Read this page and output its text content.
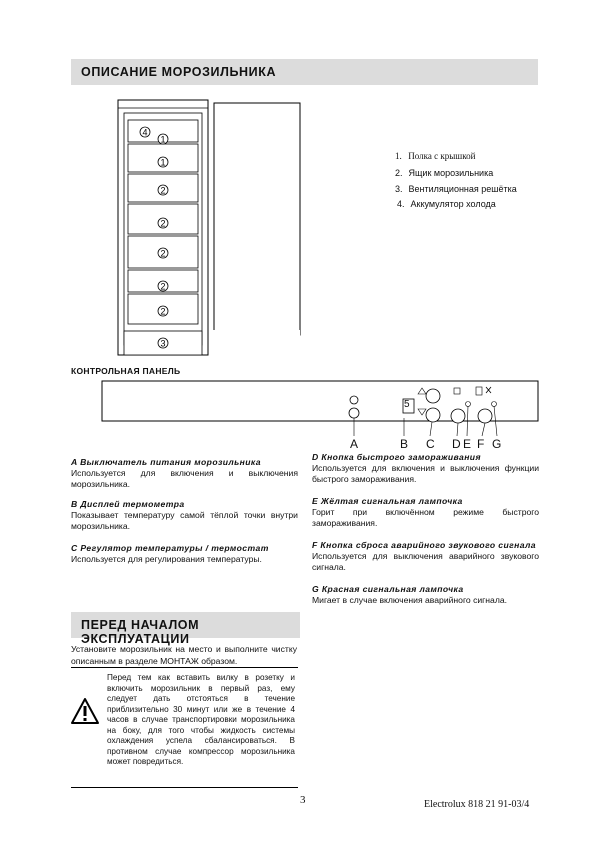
ОПИСАНИЕ МОРОЗИЛЬНИКА
4
1
1
2
2
2
2
2
3
1. Полка с крышкой
2. Ящик морозильника
3. Вентиляционная решётка
4. Аккумулятор холода
КОНТРОЛЬНАЯ ПАНЕЛЬ
5
A	B C D E F G
A Выключатель питания морозильника
Используется для включения и выключения морозильника.
B Дисплей термометра
Показывает температуру самой тёплой точки внутри морозильника.
C Регулятор температуры / термостат
Используется для регулирования температуры.
D Кнопка быстрого замораживания
Используется для включения и выключения функции быстрого замораживания.
E Жёлтая сигнальная лампочка
Горит при включённом режиме быстрого замораживания.
F Кнопка сброса аварийного звукового сигнала
Используется для выключения аварийного звукового сигнала.
G Красная сигнальная лампочка
Мигает в случае включения аварийного сигнала.
ПЕРЕД НАЧАЛОМ ЭКСПЛУАТАЦИИ
Установите морозильник на место и выполните чистку описанным в разделе МОНТАЖ образом.
Перед тем как вставить вилку в розетку и включить морозильник в первый раз, ему следует дать отстояться в течение приблизительно 30 минут или же в течение 4 часов в случае транспортировки морозильника на боку, для того чтобы жидкость системы охлаждения успела сбалансироваться. В противном случае компрессор морозильника может повредиться.
3	Electrolux 818 21 91-03/4
